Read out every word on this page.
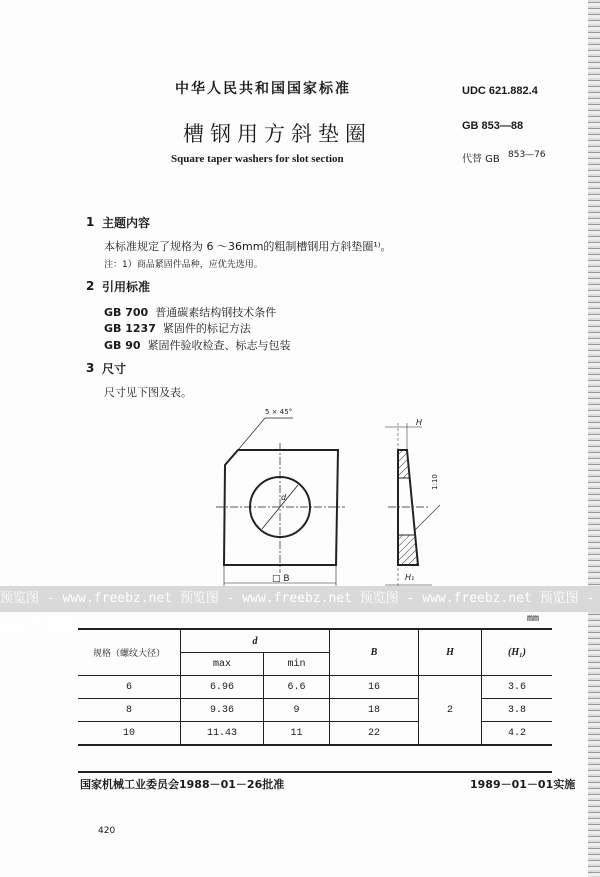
中华人民共和国国家标准	UDC 621.882.4
槽钢用方斜垫圈	GB 853—88
Square taper washers for slot section	代替 GB 853—76
1 主题内容
本标准规定了规格为 6 ～36mm的粗制槽钢用方斜垫圈¹⁾。
注：1）商品紧固件品种，应优先选用。
2 引用标准
GB 700 普通碳素结构钢技术条件
GB 1237 紧固件的标记方法
GB 90 紧固件验收检查、标志与包装
3 尺寸
尺寸见下图及表。
5 × 45°
d
□ B
H
H₁
1:10
预览图 - www.freebz.net 预览图 - www.freebz.net 预览图 - www.freebz.net 预览图 - www.freebz.net	mm
规格（螺纹大径）	d		B	H	(H₁)
	max	min			
6	6.96	6.6	16	2	3.6
8	9.36	9	18		3.8
10	11.43	11	22		4.2
国家机械工业委员会1988－01－26批准	1989－01－01实施
420
